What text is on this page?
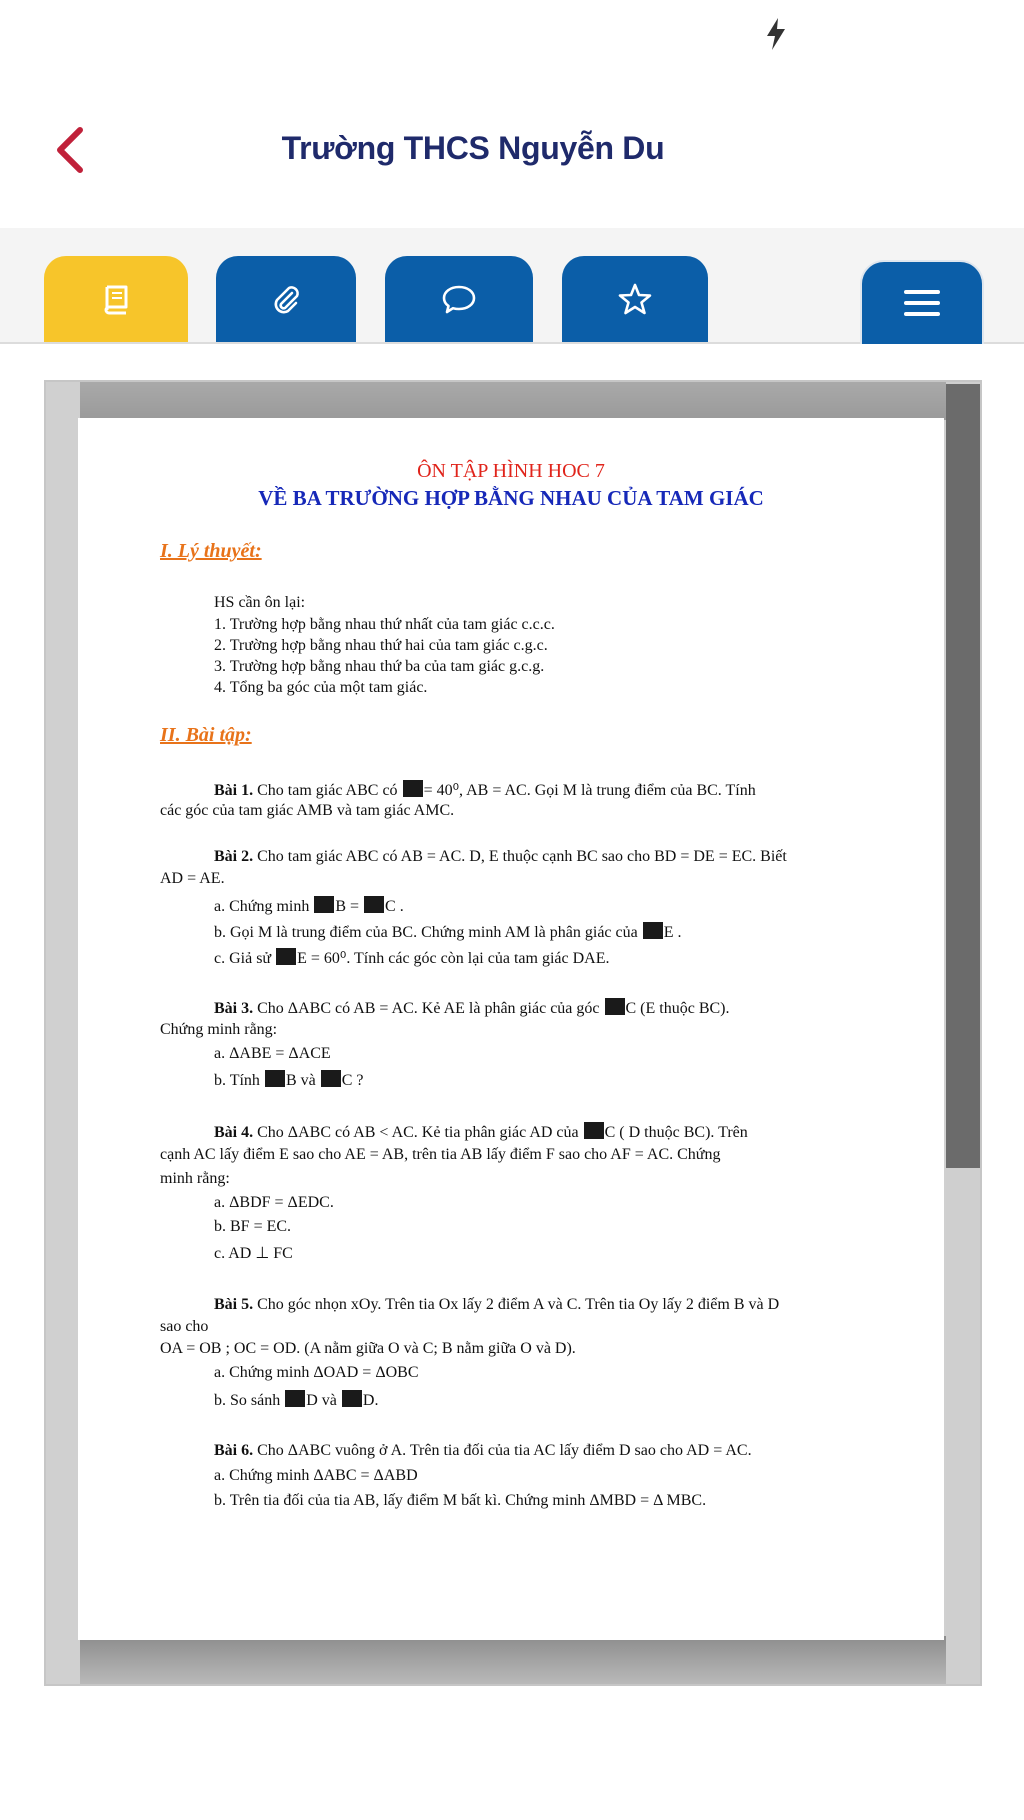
Trường THCS Nguyễn Du
ÔN TẬP HÌNH HOC 7
VỀ BA TRƯỜNG HỢP BẰNG NHAU CỦA TAM GIÁC
I. Lý thuyết:
HS cần ôn lại:
1. Trường hợp bằng nhau thứ nhất của tam giác c.c.c.
2. Trường hợp bằng nhau thứ hai của tam giác c.g.c.
3. Trường hợp bằng nhau thứ ba của tam giác g.c.g.
4. Tổng ba góc của một tam giác.
II. Bài tập:
Bài 1. Cho tam giác ABC có = 40⁰, AB = AC. Gọi M là trung điểm của BC. Tính
các góc của tam giác AMB và tam giác AMC.
Bài 2. Cho tam giác ABC có AB = AC. D, E thuộc cạnh BC sao cho BD = DE = EC. Biết
AD = AE.
a. Chứng minh B = C .
b. Gọi M là trung điểm của BC. Chứng minh AM là phân giác của E .
c. Giả sử E = 60⁰. Tính các góc còn lại của tam giác DAE.
Bài 3. Cho ΔABC có AB = AC. Kẻ AE là phân giác của góc C (E thuộc BC).
Chứng minh rằng:
a. ΔABE = ΔACE
b. Tính B và C ?
Bài 4. Cho ΔABC có AB < AC. Kẻ tia phân giác AD của C ( D thuộc BC). Trên
cạnh AC lấy điểm E sao cho AE = AB, trên tia AB lấy điểm F sao cho AF = AC. Chứng
minh rằng:
a. ΔBDF = ΔEDC.
b. BF = EC.
c. AD ⊥ FC
Bài 5. Cho góc nhọn xOy. Trên tia Ox lấy 2 điểm A và C. Trên tia Oy lấy 2 điểm B và D
sao cho
OA = OB ; OC = OD. (A nằm giữa O và C; B nằm giữa O và D).
a. Chứng minh ΔOAD = ΔOBC
b. So sánh D và D.
Bài 6. Cho ΔABC vuông ở A. Trên tia đối của tia AC lấy điểm D sao cho AD = AC.
a. Chứng minh ΔABC = ΔABD
b. Trên tia đối của tia AB, lấy điểm M bất kì. Chứng minh ΔMBD = Δ MBC.
